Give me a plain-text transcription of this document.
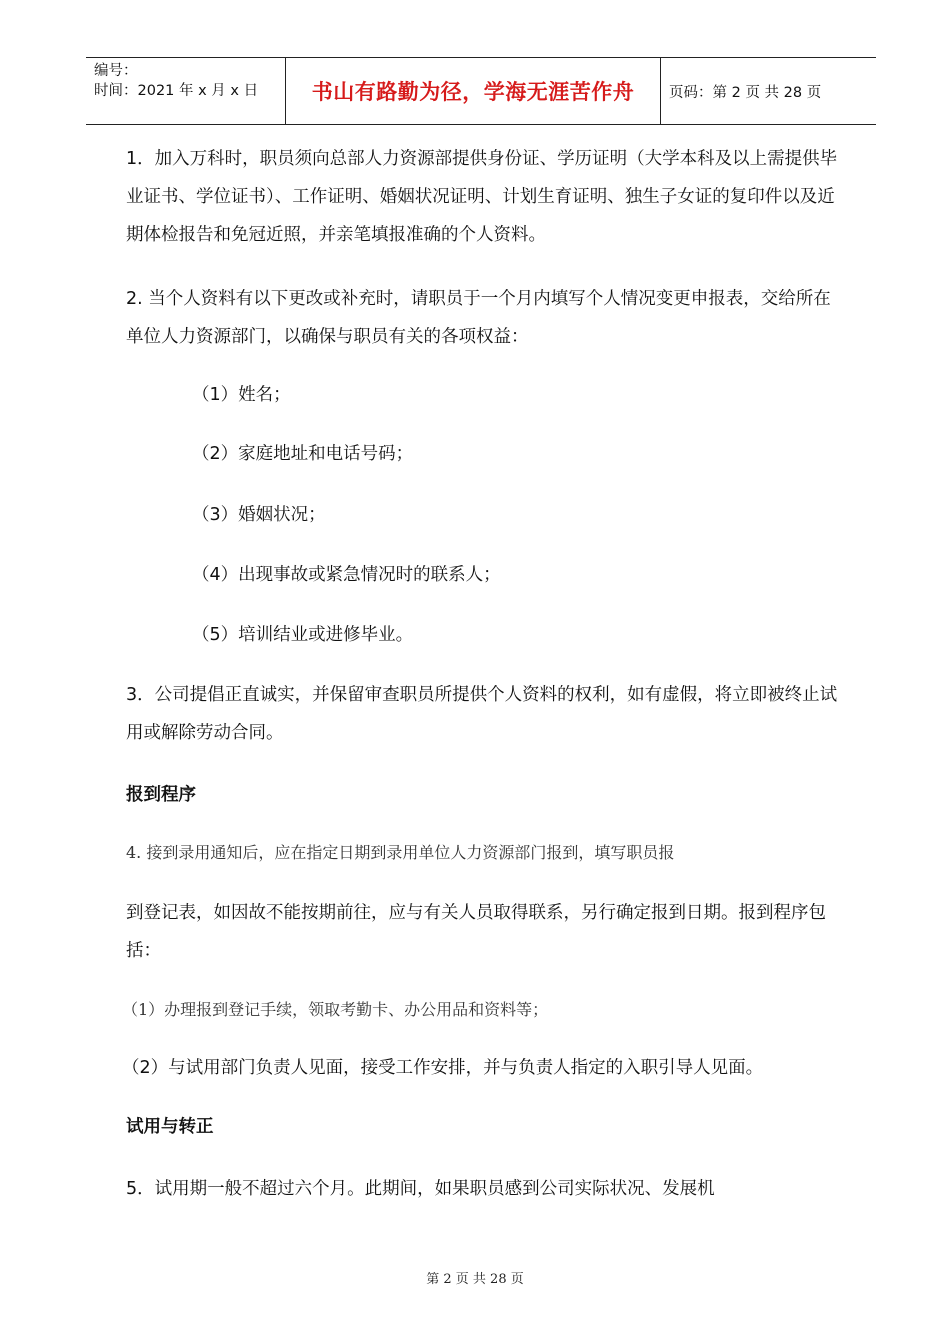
编号：
时间：2021 年 x 月 x 日	书山有路勤为径，学海无涯苦作舟	页码：第 2 页 共 28 页
1．加入万科时，职员须向总部人力资源部提供身份证、学历证明（大学本科及以上需提供毕业证书、学位证书）、工作证明、婚姻状况证明、计划生育证明、独生子女证的复印件以及近期体检报告和免冠近照，并亲笔填报准确的个人资料。
2. 当个人资料有以下更改或补充时，请职员于一个月内填写个人情况变更申报表，交给所在单位人力资源部门，以确保与职员有关的各项权益：
（1）姓名；
（2）家庭地址和电话号码；
（3）婚姻状况；
（4）出现事故或紧急情况时的联系人；
（5）培训结业或进修毕业。
3．公司提倡正直诚实，并保留审查职员所提供个人资料的权利，如有虚假，将立即被终止试用或解除劳动合同。
报到程序
4. 接到录用通知后，应在指定日期到录用单位人力资源部门报到，填写职员报
到登记表，如因故不能按期前往，应与有关人员取得联系，另行确定报到日期。报到程序包括：
（1）办理报到登记手续，领取考勤卡、办公用品和资料等；
（2）与试用部门负责人见面，接受工作安排，并与负责人指定的入职引导人见面。
试用与转正
5．试用期一般不超过六个月。此期间，如果职员感到公司实际状况、发展机
第 2 页 共 28 页
